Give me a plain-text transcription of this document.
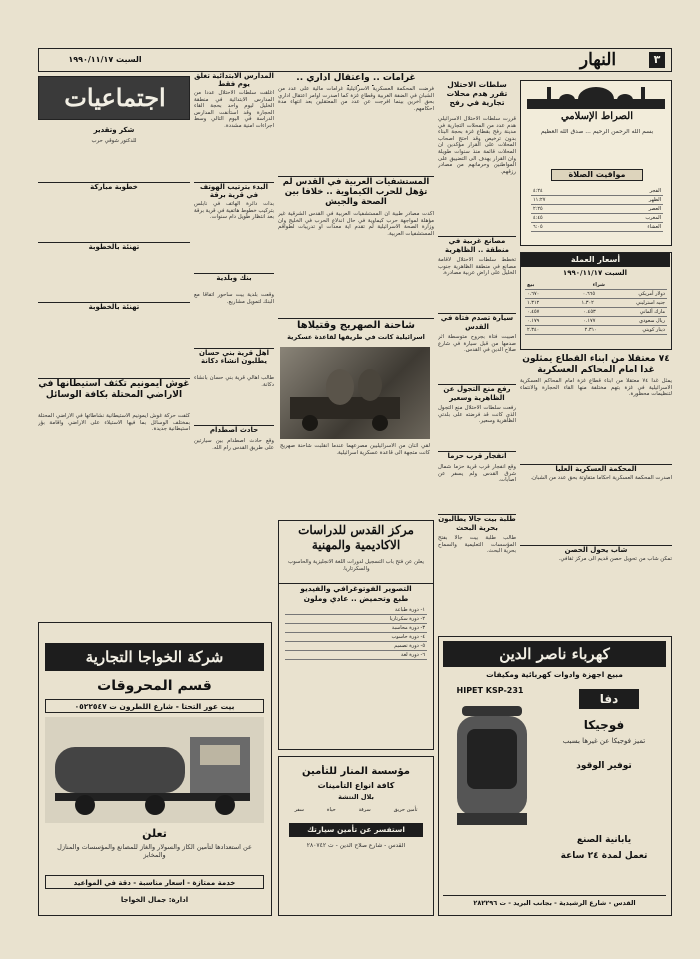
٣
النهار
السبت ١٩٩٠/١١/١٧
الصراط الإسلامي
بسم الله الرحمن الرحيم ... صدق الله العظيم
مواقيت الصلاة
الفجر
٤:٢٤
الظهر
١١:٢٧
العصر
٢:٢٥
المغرب
٤:٤٥
العشاء
٦:٠٥
أسعار العملة
السبت ١٩٩٠/١١/١٧

شراء
بيع
دولار أمريكي
٠.٦٦٥
٠.٦٧٠
جنيه استرليني
١.٣٠٢
١.٣١٢
مارك ألماني
٠.٤٥٣
٠.٤٥٧
ريال سعودي
٠.١٧٧
٠.١٧٩
دينار كويتي
٢.٣١٠
٢.٣٤٠
٧٤ معتقلا من ابناء القطاع يمثلون غدا امام المحاكم العسكرية
يمثل غدا ٧٤ معتقلا من ابناء قطاع غزة امام المحاكم العسكرية الاسرائيلية في غزة بتهم مختلفة منها القاء الحجارة والانتماء لتنظيمات محظورة.
المحكمة العسكرية العليا
اصدرت المحكمة العسكرية احكاما متفاوتة بحق عدد من الشبان.
شاب يحول الحصن
تمكن شاب من تحويل حصن قديم الى مركز ثقافي.
سلطات الاحتلال تقرر هدم محلات تجارية في رفح
قررت سلطات الاحتلال الاسرائيلي هدم عدد من المحلات التجارية في مدينة رفح بقطاع غزة بحجة البناء بدون ترخيص وقد احتج اصحاب المحلات على القرار مؤكدين ان المحلات قائمة منذ سنوات طويلة وان القرار يهدف الى التضييق على المواطنين وحرمانهم من مصادر رزقهم.
مصانع غربية في منطقة .. الظاهرية
تخطط سلطات الاحتلال لاقامة مصانع في منطقة الظاهرية جنوب الخليل على اراض عربية مصادرة.
سيارة تصدم فتاة في القدس
اصيبت فتاة بجروح متوسطة اثر صدمها من قبل سيارة في شارع صلاح الدين في القدس.
رفع منع التجول عن الظاهرية وسعير
رفعت سلطات الاحتلال منع التجول الذي كانت قد فرضته على بلدتي الظاهرية وسعير.
انفجار قرب حزما
وقع انفجار قرب قرية حزما شمال شرق القدس ولم يسفر عن اصابات.
طلبة بيت جالا يطالبون بحرية البحث
طالب طلبة بيت جالا بفتح المؤسسات التعليمية والسماح بحرية البحث.
غرامات .. واعتقال اداري ..
فرضت المحكمة العسكرية الاسرائيلية غرامات مالية على عدد من الشبان في الضفة الغربية وقطاع غزة كما اصدرت اوامر اعتقال اداري بحق آخرين بينما افرجت عن عدد من المعتقلين بعد انتهاء مدة احكامهم.
المدارس الابتدائية تغلق يوم فقط
اغلقت سلطات الاحتلال عددا من المدارس الابتدائية في منطقة الخليل ليوم واحد بحجة القاء الحجارة وقد استأنفت المدارس الدراسة في اليوم التالي وسط اجراءات امنية مشددة.
المستشفيات العربية في القدس لم تؤهل للحرب الكيماوية .. خلافا بين الصحة والجيش
اكدت مصادر طبية ان المستشفيات العربية في القدس الشرقية غير مؤهلة لمواجهة حرب كيماوية في حال اندلاع الحرب في الخليج وان وزارة الصحة الاسرائيلية لم تقدم اية معدات او تدريبات لطواقم المستشفيات العربية.
البدء بترتيب الهوتف في قرية برقة
بدأت دائرة الهاتف في نابلس بتركيب خطوط هاتفية في قرية برقة بعد انتظار طويل دام سنوات.
بنك وبلدية
وقعت بلدية بيت ساحور اتفاقا مع البنك لتمويل مشاريع.
اهل قرية بني حسان يطلبون انشاء دكانة
طالب اهالي قرية بني حسان بانشاء دكانة.
حادث اصطدام
وقع حادث اصطدام بين سيارتين على طريق القدس رام الله.
شاحنة الصهريج وقتيلاها
اسرائيلية كانت في طريقها لقاعدة عسكرية
لقي اثنان من الاسرائيليين مصرعهما عندما انقلبت شاحنة صهريج كانت متجهة الى قاعدة عسكرية اسرائيلية.
اجتماعيات
شكر وتقدير
للدكتور شوقي حرب
خطوبة مباركة
تهنئة بالخطوبة
تهنئة بالخطوبة
غوش ايمونيم تكثف استيطانها في الاراضي المحتلة بكافة الوسائل
كثفت حركة غوش ايمونيم الاستيطانية نشاطاتها في الاراضي المحتلة بمختلف الوسائل بما فيها الاستيلاء على الاراضي واقامة بؤر استيطانية جديدة.
مركز القدس للدراسات الاكاديمية والمهنية
يعلن عن فتح باب التسجيل لدورات اللغة الانجليزية والحاسوب والسكرتاريا.
التصوير الفوتوغرافي والفيديو
طبع وتحميض .. عادي وملون
١- دورة طباعة
٢- دورة سكرتاريا
٣- دورة محاسبة
٤- دورة حاسوب
٥- دورة تصميم
٦- دورة لغة
مؤسسة المنار للتأمين
كافة انواع التأمينات
بلال النتشة
تأمين حريق
سرقة
حياة
سفر
استفسر عن تأمين سيارتك
القدس - شارع صلاح الدين - ت ٢٨٠٧٤٢
شركة الخواجا التجارية
قسم المحروقات
بيت عور التحتا - شارع اللطرون ت ٠٥٢٢٥٤٧
تعلن
عن استعدادها لتأمين الكاز والسولار والغاز للمصانع والمؤسسات والمنازل والمخابز
خدمة ممتازة - اسعار مناسبة - دقة في المواعيد
ادارة: جمال الخواجا
كهرباء ناصر الدين
مبيع اجهزة وادوات كهربائية ومكيفات
HIPET KSP-231
دفا
فوجيكا
تميز فوجيكا عن غيرها بسبب
توفير الوقود
يابانية الصنع
تعمل لمدة ٢٤ ساعة
القدس - شارع الرشيدية - بجانب البريد - ت ٢٨٢٢٩٦
